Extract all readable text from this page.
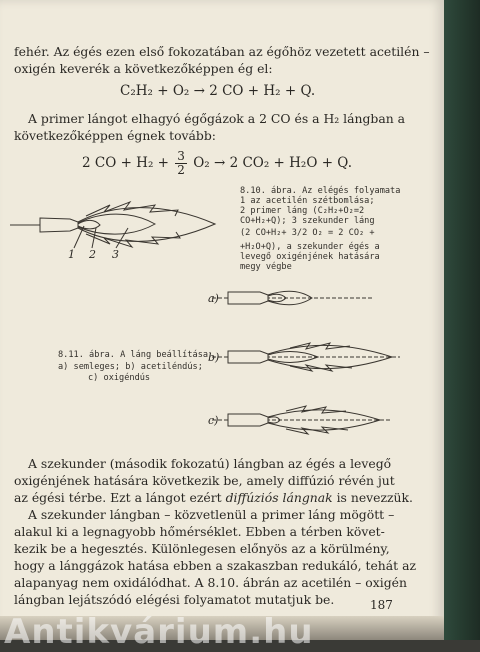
fehér. Az égés ezen első fokozatában az égőhöz vezetett acetilén –
oxigén keverék a következőképpen ég el:
C₂H₂ + O₂ → 2 CO + H₂ + Q.
A primer lángot elhagyó égőgázok a 2 CO és a H₂ lángban a
következőképpen égnek tovább:
2 CO + $H_2 + \frac{3}{2} O_2 \to 2$ CO₂ + H₂O + Q.
1 2 3
8.10. ábra. Az elégés folyamata
1 az acetilén szétbomlása;
2 primer láng (C₂H₂+O₂=2
CO+H₂+Q); 3 szekunder láng
(2 CO+H₂+ 3/2 O₂ = 2 CO₂ +
+H₂O+Q), a szekunder égés a
levegő oxigénjének hatására
megy végbe
a)
b)
c)
8.11. ábra. A láng beállítása
a) semleges; b) acetiléndús;
c) oxigéndús
A szekunder (második fokozatú) lángban az égés a levegő
oxigénjének hatására következik be, amely diffúzió révén jut
az égési térbe. Ezt a lángot ezért diffúziós lángnak is nevezzük.
A szekunder lángban – közvetlenül a primer láng mögött –
alakul ki a legnagyobb hőmérséklet. Ebben a térben követ-
kezik be a hegesztés. Különlegesen előnyös az a körülmény,
hogy a lánggázok hatása ebben a szakaszban redukáló, tehát az
alapanyag nem oxidálódhat. A 8.10. ábrán az acetilén – oxigén
lángban lejátszódó elégési folyamatot mutatjuk be.	187
Antikvárium.hu
